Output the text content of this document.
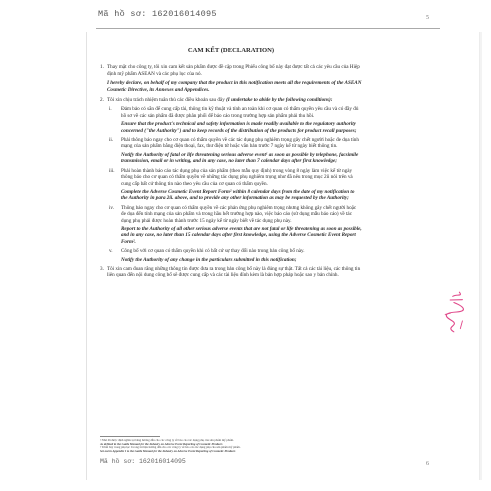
Mã hồ sơ: 162016014095	5
CAM KẾT (DECLARATION)
1. Thay mặt cho công ty, tôi xin cam kết sản phẩm được đề cập trong Phiếu công bố này đạt được tất cả các yêu cầu của Hiệp định mỹ phẩm ASEAN và các phụ lục của nó.
I hereby declare, on behalf of my company that the product in this notification meets all the requirements of the ASEAN Cosmetic Directive, its Annexes and Appendices.
2. Tôi xin chịu trách nhiệm tuân thủ các điều khoản sau đây (I undertake to abide by the following conditions):
i.	Đảm bảo có sẵn để cung cấp tài, thông tin kỹ thuật và tính an toàn khi cơ quan có thẩm quyền yêu cầu và có đầy đủ hồ sơ về các sản phẩm đã được phân phối để báo cáo trong trường hợp sản phẩm phải thu hồi.
Ensure that the product's technical and safety information is made readily available to the regulatory authority concerned ("the Authority") and to keep records of the distribution of the products for product recall purposes;
ii.	Phải thông báo ngay cho cơ quan có thẩm quyền về các tác dụng phụ nghiêm trọng gây chết người hoặc đe dọa tính mạng của sản phẩm bằng điện thoại, fax, thư điện tử hoặc văn bản trước 7 ngày kể từ ngày biết thông tin.
Notify the Authority of fatal or life threatening serious adverse event¹ as soon as possible by telephone, facsimile transmission, email or in writing, and in any case, no later than 7 calendar days after first knowledge;
iii.	Phải hoàn thành báo cáo tác dụng phụ của sản phẩm (theo mẫu quy định) trong vòng 8 ngày làm việc kể từ ngày thông báo cho cơ quan có thẩm quyền về những tác dụng phụ nghiêm trọng như đã nêu trong mục 2ii nói trên và cung cấp bất cứ thông tin nào theo yêu cầu của cơ quan có thẩm quyền.
Complete the Adverse Cosmetic Event Report Form² within 8 calendar days from the date of my notification to the Authority in para 2ii. above, and to provide any other information as may be requested by the Authority;
iv.	Thông báo ngay cho cơ quan có thẩm quyền về các phản ứng phụ nghiêm trọng nhưng không gây chết người hoặc đe dọa đến tính mạng của sản phẩm và trong hầu hết trường hợp nào, việc báo cáo (sử dụng mẫu báo cáo) về tác dụng phụ phải được hoàn thành trước 15 ngày kể từ ngày biết về tác dụng phụ này.
Report to the Authority of all other serious adverse events that are not fatal or life threatening as soon as possible, and in any case, no later than 15 calendar days after first knowledge, using the Adverse Cosmetic Event Report Form².
v.	Công bố với cơ quan có thẩm quyền khi có bất cứ sự thay đổi nào trong bản công bố này.
Notify the Authority of any change in the particulars submitted in this notification;
3. Tôi xin cam đoan rằng những thông tin được đưa ra trong bản công bố này là đúng sự thật. Tất cả các tài liệu, các thông tin liên quan đến nội dung công bố sẽ được cung cấp và các tài liệu đính kèm là bản hợp pháp hoặc sao y bản chính.
¹ Như đã được định nghĩa tại bảng hướng dẫn cho các công ty về báo cáo tác dụng phụ của sản phẩm mỹ phẩm.
As defined in the Guide Manual for the Industry on Adverse Event Reporting of Cosmetic Products
² Trình bày trong phụ lục I trong tài liệu hướng dẫn cho các công ty về báo cáo tác dụng phụ của sản phẩm mỹ phẩm.
Set out in Appendix I to the Guide Manual for the Industry on Adverse Event Reporting of Cosmetic Products
Mã hồ sơ: 162016014095	6
